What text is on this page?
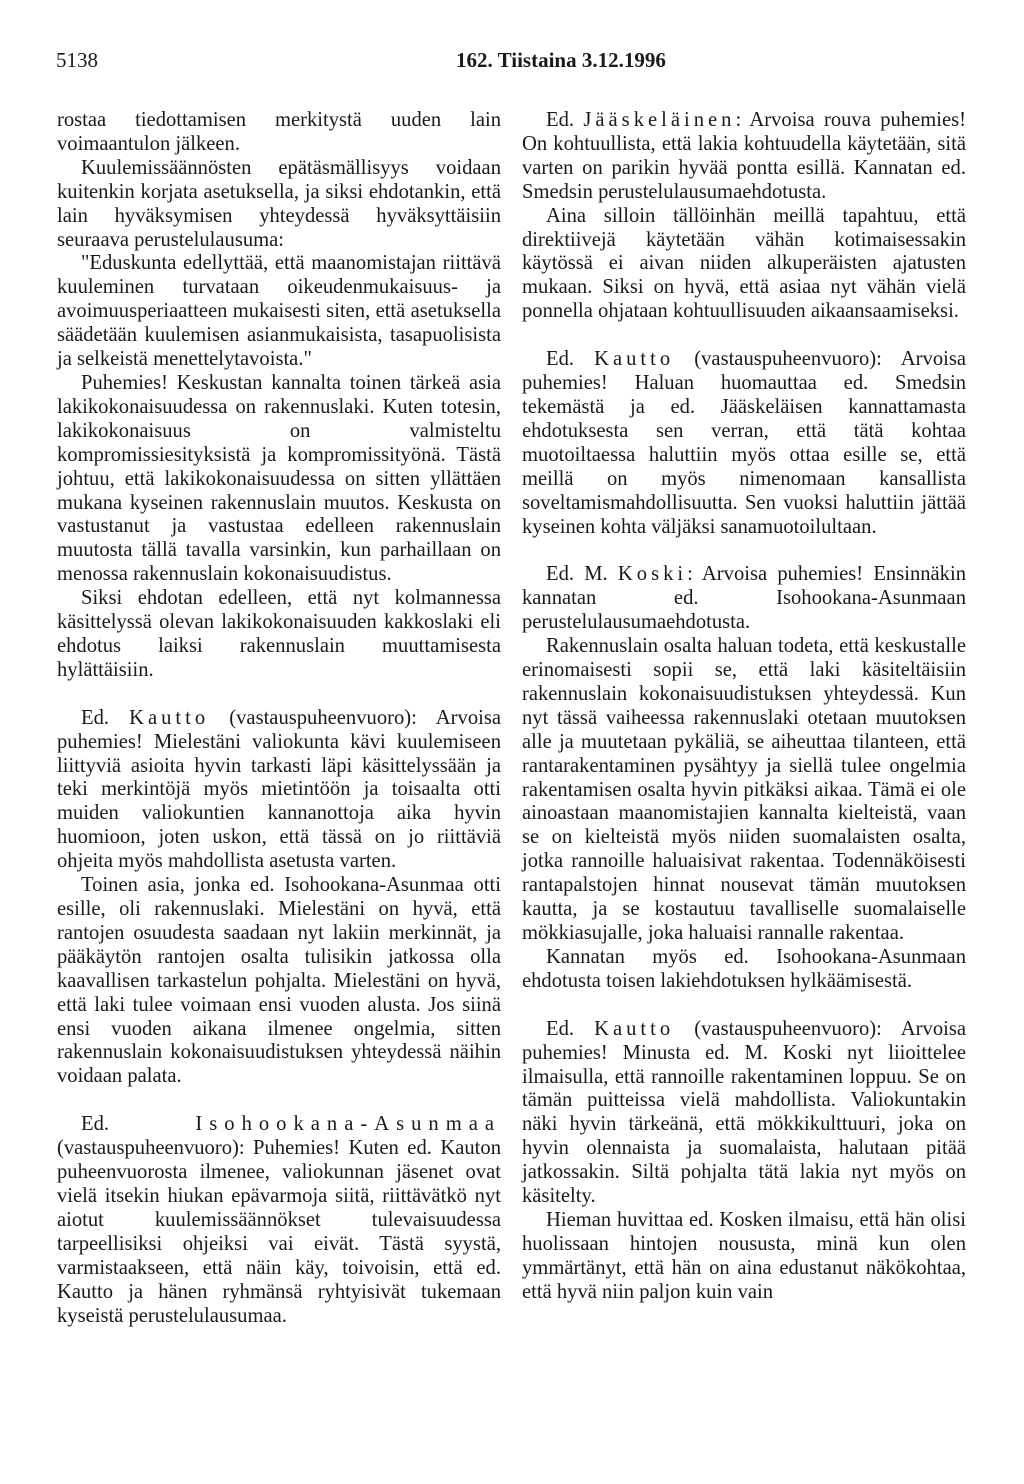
5138	162. Tiistaina 3.12.1996

rostaa tiedottamisen merkitystä uuden lain voimaantulon jälkeen.

Kuulemissäännösten epätäsmällisyys voidaan kuitenkin korjata asetuksella, ja siksi ehdotankin, että lain hyväksymisen yhteydessä hyväksyttäisiin seuraava perustelulausuma:

"Eduskunta edellyttää, että maanomistajan riittävä kuuleminen turvataan oikeudenmukaisuus- ja avoimuusperiaatteen mukaisesti siten, että asetuksella säädetään kuulemisen asianmukaisista, tasapuolisista ja selkeistä menettelytavoista."

Puhemies! Keskustan kannalta toinen tärkeä asia lakikokonaisuudessa on rakennuslaki. Kuten totesin, lakikokonaisuus on valmisteltu kompromissiesityksistä ja kompromissityönä. Tästä johtuu, että lakikokonaisuudessa on sitten yllättäen mukana kyseinen rakennuslain muutos. Keskusta on vastustanut ja vastustaa edelleen rakennuslain muutosta tällä tavalla varsinkin, kun parhaillaan on menossa rakennuslain kokonaisuudistus.

Siksi ehdotan edelleen, että nyt kolmannessa käsittelyssä olevan lakikokonaisuuden kakkoslaki eli ehdotus laiksi rakennuslain muuttamisesta hylättäisiin.

Ed. Kautto (vastauspuheenvuoro): Arvoisa puhemies! Mielestäni valiokunta kävi kuulemiseen liittyviä asioita hyvin tarkasti läpi käsittelyssään ja teki merkintöjä myös mietintöön ja toisaalta otti muiden valiokuntien kannanottoja aika hyvin huomioon, joten uskon, että tässä on jo riittäviä ohjeita myös mahdollista asetusta varten.

Toinen asia, jonka ed. Isohookana-Asunmaa otti esille, oli rakennuslaki. Mielestäni on hyvä, että rantojen osuudesta saadaan nyt lakiin merkinnät, ja pääkäytön rantojen osalta tulisikin jatkossa olla kaavallisen tarkastelun pohjalta. Mielestäni on hyvä, että laki tulee voimaan ensi vuoden alusta. Jos siinä ensi vuoden aikana ilmenee ongelmia, sitten rakennuslain kokonaisuudistuksen yhteydessä näihin voidaan palata.

Ed.	Isohookana-Asunmaa (vastauspuheenvuoro): Puhemies! Kuten ed. Kauton puheenvuorosta ilmenee, valiokunnan jäsenet ovat vielä itsekin hiukan epävarmoja siitä, riittävätkö nyt aiotut kuulemissäännökset tulevaisuudessa tarpeellisiksi ohjeiksi vai eivät. Tästä syystä, varmistaakseen, että näin käy, toivoisin, että ed. Kautto ja hänen ryhmänsä ryhtyisivät tukemaan kyseistä perustelulausumaa.

Ed. Jääskeläinen: Arvoisa rouva puhemies! On kohtuullista, että lakia kohtuudella käytetään, sitä varten on parikin hyvää pontta esillä. Kannatan ed. Smedsin perustelulausumaehdotusta.

Aina silloin tällöinhän meillä tapahtuu, että direktiivejä käytetään vähän kotimaisessakin käytössä ei aivan niiden alkuperäisten ajatusten mukaan. Siksi on hyvä, että asiaa nyt vähän vielä ponnella ohjataan kohtuullisuuden aikaansaamiseksi.

Ed. Kautto (vastauspuheenvuoro): Arvoisa puhemies! Haluan huomauttaa ed. Smedsin tekemästä ja ed. Jääskeläisen kannattamasta ehdotuksesta sen verran, että tätä kohtaa muotoiltaessa haluttiin myös ottaa esille se, että meillä on myös nimenomaan kansallista soveltamismahdollisuutta. Sen vuoksi haluttiin jättää kyseinen kohta väljäksi sanamuotoilultaan.

Ed. M. Koski: Arvoisa puhemies! Ensinnäkin kannatan ed. Isohookana-Asunmaan perustelulausumaehdotusta.

Rakennuslain osalta haluan todeta, että keskustalle erinomaisesti sopii se, että laki käsiteltäisiin rakennuslain kokonaisuudistuksen yhteydessä. Kun nyt tässä vaiheessa rakennuslaki otetaan muutoksen alle ja muutetaan pykäliä, se aiheuttaa tilanteen, että rantarakentaminen pysähtyy ja siellä tulee ongelmia rakentamisen osalta hyvin pitkäksi aikaa. Tämä ei ole ainoastaan maanomistajien kannalta kielteistä, vaan se on kielteistä myös niiden suomalaisten osalta, jotka rannoille haluaisivat rakentaa. Todennäköisesti rantapalstojen hinnat nousevat tämän muutoksen kautta, ja se kostautuu tavalliselle suomalaiselle mökkiasujalle, joka haluaisi rannalle rakentaa.

Kannatan myös ed. Isohookana-Asunmaan ehdotusta toisen lakiehdotuksen hylkäämisestä.

Ed. Kautto (vastauspuheenvuoro): Arvoisa puhemies! Minusta ed. M. Koski nyt liioittelee ilmaisulla, että rannoille rakentaminen loppuu. Se on tämän puitteissa vielä mahdollista. Valiokuntakin näki hyvin tärkeänä, että mökkikulttuuri, joka on hyvin olennaista ja suomalaista, halutaan pitää jatkossakin. Siltä pohjalta tätä lakia nyt myös on käsitelty.

Hieman huvittaa ed. Kosken ilmaisu, että hän olisi huolissaan hintojen noususta, minä kun olen ymmärtänyt, että hän on aina edustanut näkökohtaa, että hyvä niin paljon kuin vain
